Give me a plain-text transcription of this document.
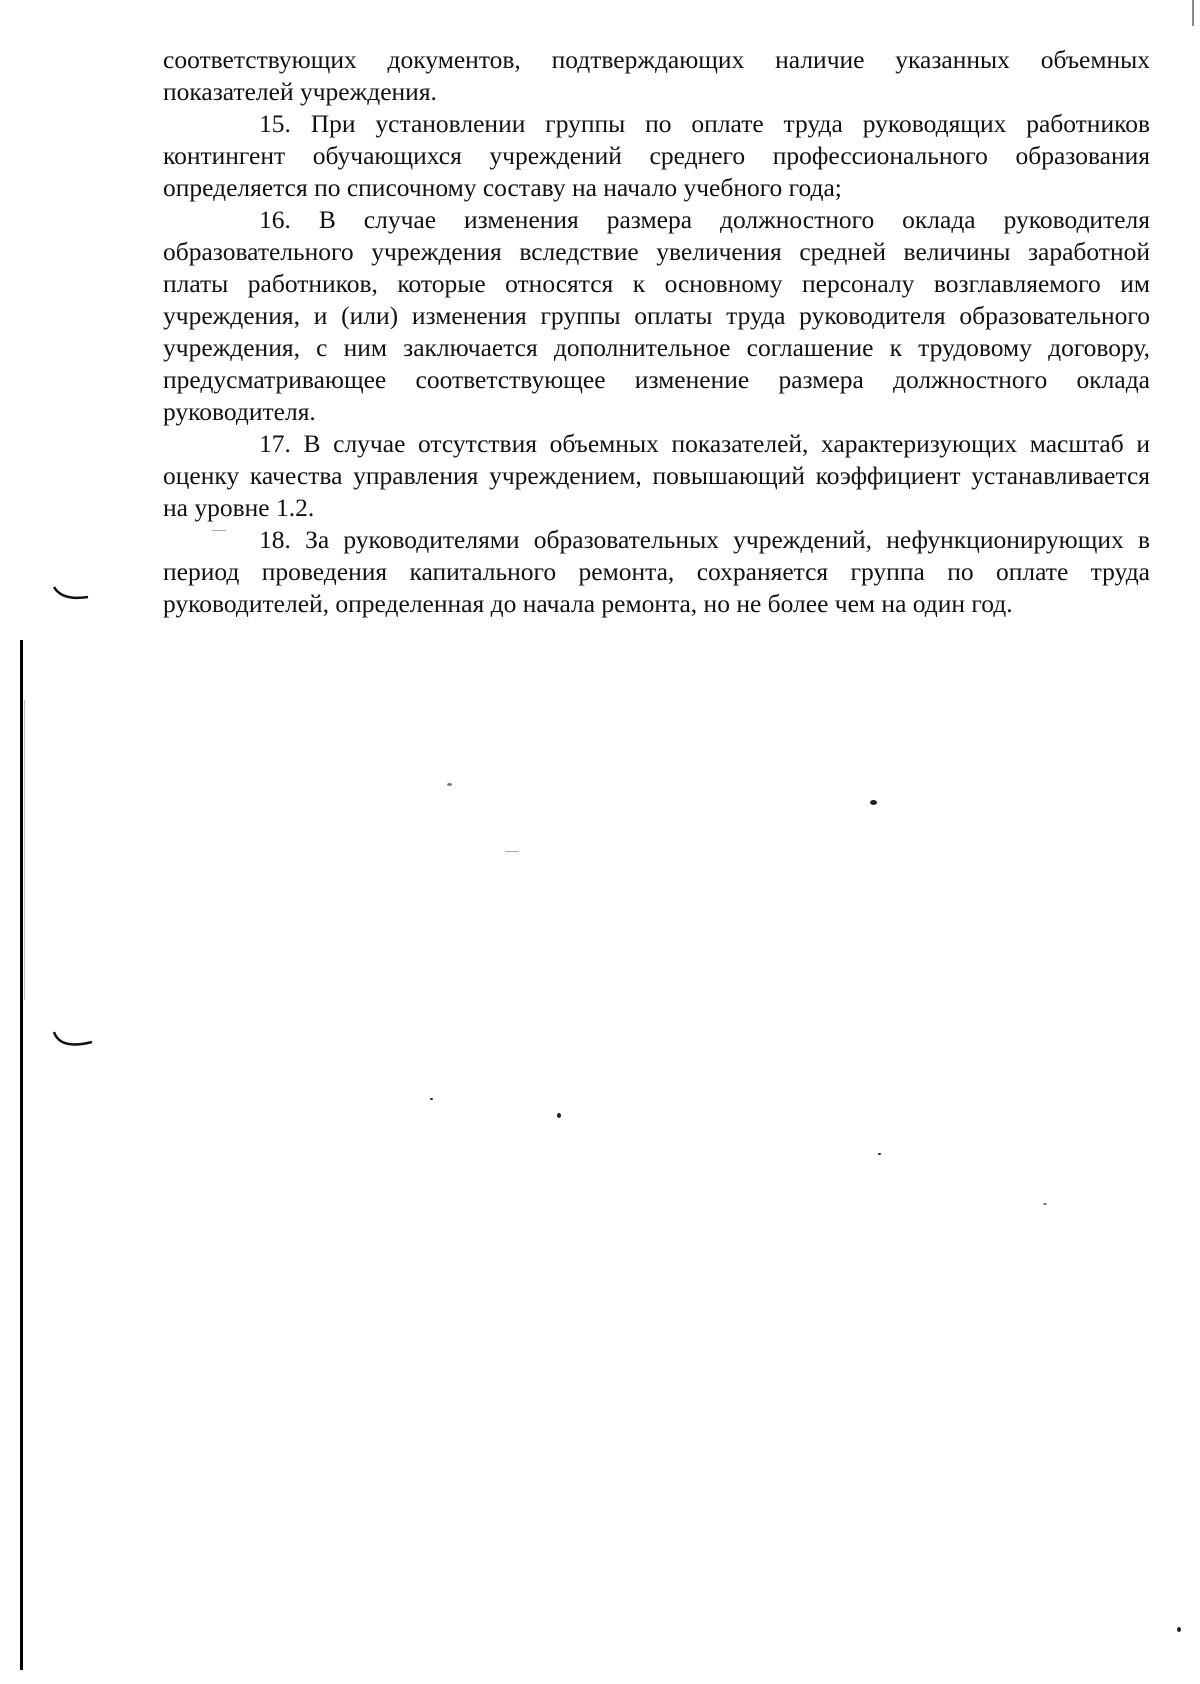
соответствующих документов, подтверждающих наличие указанных объемных показателей учреждения.

15. При установлении группы по оплате труда руководящих работников контингент обучающихся учреждений среднего профессионального образования определяется по списочному составу на начало учебного года;

16. В случае изменения размера должностного оклада руководителя образовательного учреждения вследствие увеличения средней величины заработной платы работников, которые относятся к основному персоналу возглавляемого им учреждения, и (или) изменения группы оплаты труда руководителя образовательного учреждения, с ним заключается дополнительное соглашение к трудовому договору, предусматривающее соответствующее изменение размера должностного оклада руководителя.

17. В случае отсутствия объемных показателей, характеризующих масштаб и оценку качества управления учреждением, повышающий коэффициент устанавливается на уровне 1.2.

18. За руководителями образовательных учреждений, нефункционирующих в период проведения капитального ремонта, сохраняется группа по оплате труда руководителей, определенная до начала ремонта, но не более чем на один год.
